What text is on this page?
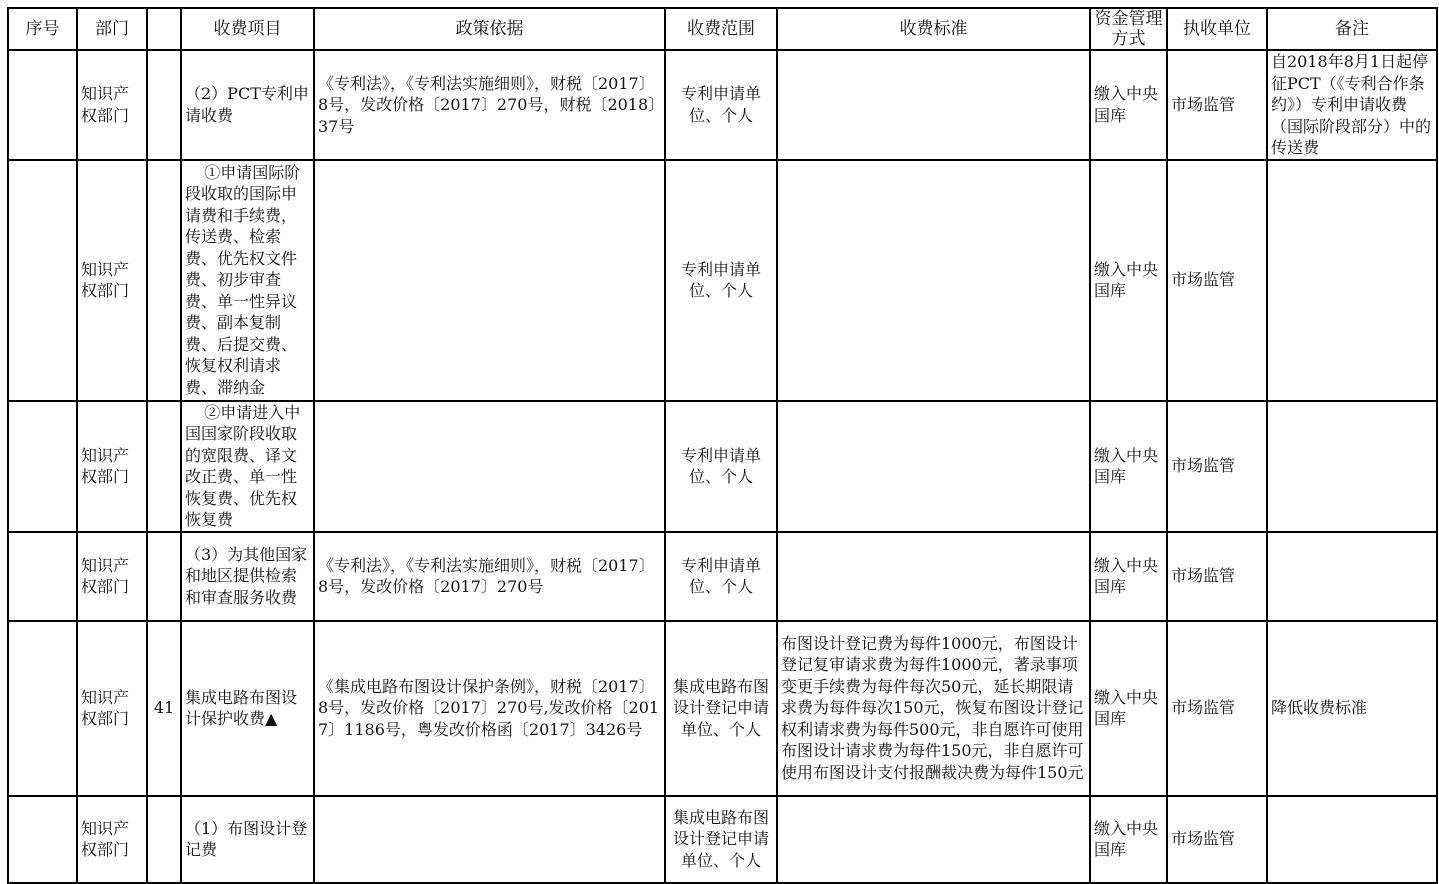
序号	部门		收费项目	政策依据	收费范围	收费标准	资金管理方式	执收单位	备注
	知识产权部门		（2）PCT专利申请收费	《专利法》，《专利法实施细则》，财税〔2017〕8号，发改价格〔2017〕270号，财税〔2018〕37号	专利申请单位、个人		缴入中央国库	市场监管	自2018年8月1日起停征PCT（《专利合作条约》）专利申请收费（国际阶段部分）中的传送费
	知识产权部门		①申请国际阶段收取的国际申请费和手续费，传送费、检索费、优先权文件费、初步审查费、单一性异议费、副本复制费、后提交费、恢复权利请求费、滞纳金		专利申请单位、个人		缴入中央国库	市场监管	
	知识产权部门		②申请进入中国国家阶段收取的宽限费、译文改正费、单一性恢复费、优先权恢复费		专利申请单位、个人		缴入中央国库	市场监管	
	知识产权部门		（3）为其他国家和地区提供检索和审查服务收费	《专利法》，《专利法实施细则》，财税〔2017〕8号，发改价格〔2017〕270号	专利申请单位、个人		缴入中央国库	市场监管	
	知识产权部门	41	集成电路布图设计保护收费▲	《集成电路布图设计保护条例》，财税〔2017〕8号，发改价格〔2017〕270号,发改价格〔2017〕1186号，粤发改价格函〔2017〕3426号	集成电路布图设计登记申请单位、个人	布图设计登记费为每件1000元，布图设计登记复审请求费为每件1000元，著录事项变更手续费为每件每次50元，延长期限请求费为每件每次150元，恢复布图设计登记权利请求费为每件500元，非自愿许可使用布图设计请求费为每件150元，非自愿许可使用布图设计支付报酬裁决费为每件150元	缴入中央国库	市场监管	降低收费标准
	知识产权部门		（1）布图设计登记费		集成电路布图设计登记申请单位、个人		缴入中央国库	市场监管	
